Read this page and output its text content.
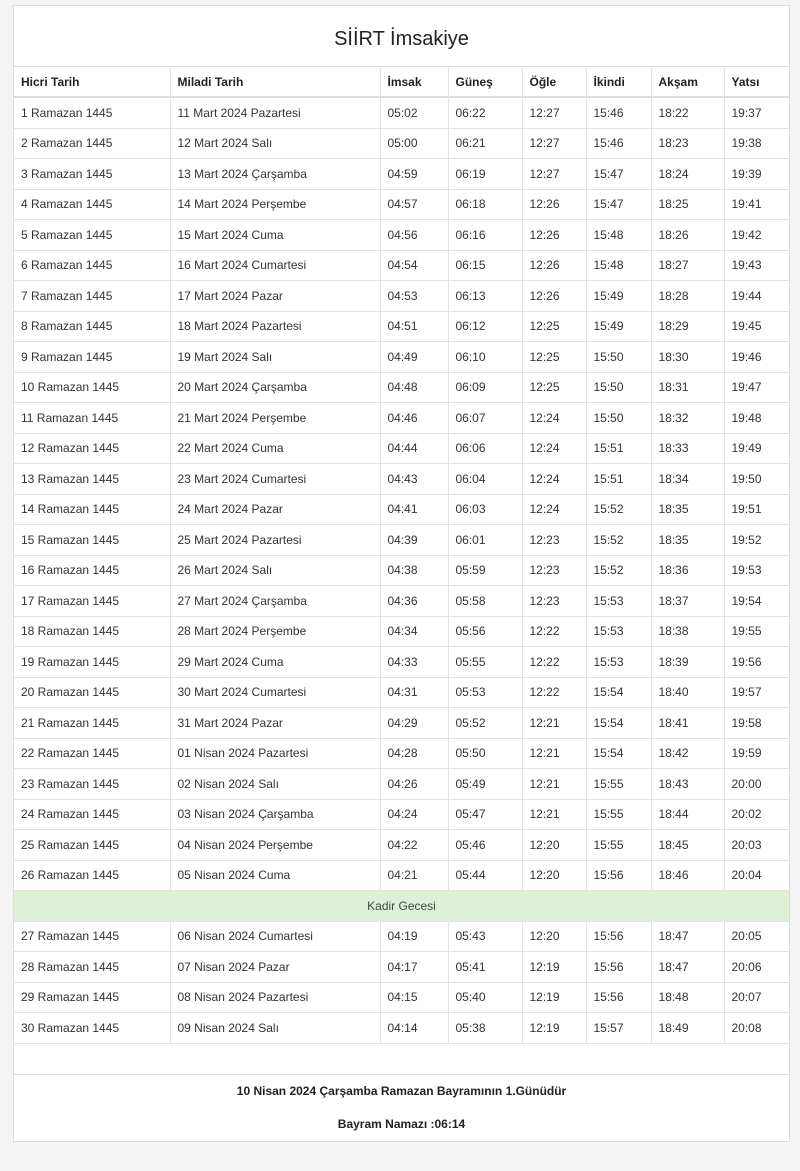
SİİRT İmsakiye
Hicri Tarih	Miladi Tarih	İmsak	Güneş	Öğle	İkindi	Akşam	Yatsı
1 Ramazan 1445	11 Mart 2024 Pazartesi	05:02	06:22	12:27	15:46	18:22	19:37
2 Ramazan 1445	12 Mart 2024 Salı	05:00	06:21	12:27	15:46	18:23	19:38
3 Ramazan 1445	13 Mart 2024 Çarşamba	04:59	06:19	12:27	15:47	18:24	19:39
4 Ramazan 1445	14 Mart 2024 Perşembe	04:57	06:18	12:26	15:47	18:25	19:41
5 Ramazan 1445	15 Mart 2024 Cuma	04:56	06:16	12:26	15:48	18:26	19:42
6 Ramazan 1445	16 Mart 2024 Cumartesi	04:54	06:15	12:26	15:48	18:27	19:43
7 Ramazan 1445	17 Mart 2024 Pazar	04:53	06:13	12:26	15:49	18:28	19:44
8 Ramazan 1445	18 Mart 2024 Pazartesi	04:51	06:12	12:25	15:49	18:29	19:45
9 Ramazan 1445	19 Mart 2024 Salı	04:49	06:10	12:25	15:50	18:30	19:46
10 Ramazan 1445	20 Mart 2024 Çarşamba	04:48	06:09	12:25	15:50	18:31	19:47
11 Ramazan 1445	21 Mart 2024 Perşembe	04:46	06:07	12:24	15:50	18:32	19:48
12 Ramazan 1445	22 Mart 2024 Cuma	04:44	06:06	12:24	15:51	18:33	19:49
13 Ramazan 1445	23 Mart 2024 Cumartesi	04:43	06:04	12:24	15:51	18:34	19:50
14 Ramazan 1445	24 Mart 2024 Pazar	04:41	06:03	12:24	15:52	18:35	19:51
15 Ramazan 1445	25 Mart 2024 Pazartesi	04:39	06:01	12:23	15:52	18:35	19:52
16 Ramazan 1445	26 Mart 2024 Salı	04:38	05:59	12:23	15:52	18:36	19:53
17 Ramazan 1445	27 Mart 2024 Çarşamba	04:36	05:58	12:23	15:53	18:37	19:54
18 Ramazan 1445	28 Mart 2024 Perşembe	04:34	05:56	12:22	15:53	18:38	19:55
19 Ramazan 1445	29 Mart 2024 Cuma	04:33	05:55	12:22	15:53	18:39	19:56
20 Ramazan 1445	30 Mart 2024 Cumartesi	04:31	05:53	12:22	15:54	18:40	19:57
21 Ramazan 1445	31 Mart 2024 Pazar	04:29	05:52	12:21	15:54	18:41	19:58
22 Ramazan 1445	01 Nisan 2024 Pazartesi	04:28	05:50	12:21	15:54	18:42	19:59
23 Ramazan 1445	02 Nisan 2024 Salı	04:26	05:49	12:21	15:55	18:43	20:00
24 Ramazan 1445	03 Nisan 2024 Çarşamba	04:24	05:47	12:21	15:55	18:44	20:02
25 Ramazan 1445	04 Nisan 2024 Perşembe	04:22	05:46	12:20	15:55	18:45	20:03
26 Ramazan 1445	05 Nisan 2024 Cuma	04:21	05:44	12:20	15:56	18:46	20:04
Kadir Gecesi							
27 Ramazan 1445	06 Nisan 2024 Cumartesi	04:19	05:43	12:20	15:56	18:47	20:05
28 Ramazan 1445	07 Nisan 2024 Pazar	04:17	05:41	12:19	15:56	18:47	20:06
29 Ramazan 1445	08 Nisan 2024 Pazartesi	04:15	05:40	12:19	15:56	18:48	20:07
30 Ramazan 1445	09 Nisan 2024 Salı	04:14	05:38	12:19	15:57	18:49	20:08
10 Nisan 2024 Çarşamba Ramazan Bayramının 1.Günüdür
Bayram Namazı :06:14
